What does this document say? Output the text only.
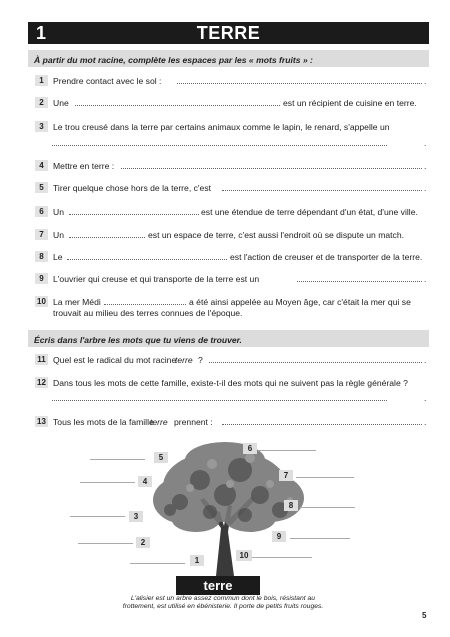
1	TERRE
À partir du mot racine, complète les espaces par les « mots fruits » :
1	Prendre contact avec le sol :	.
2	Une	est un récipient de cuisine en terre.
3	Le trou creusé dans la terre par certains animaux comme le lapin, le renard, s'appelle un
.
4	Mettre en terre :	.
5	Tirer quelque chose hors de la terre, c'est	.
6	Un	est une étendue de terre dépendant d'un état, d'une ville.
7	Un	est un espace de terre, c'est aussi l'endroit où se dispute un match.
8	Le	est l'action de creuser et de transporter de la terre.
9	L'ouvrier qui creuse et qui transporte de la terre est un	.
10 La mer Médi	a été ainsi appelée au Moyen âge, car c'était la mer qui se
trouvait au milieu des terres connues de l'époque.
Écris dans l'arbre les mots que tu viens de trouver.
11 Quel est le radical du mot racine
terre ?	.
12 Dans tous les mots de cette famille, existe-t-il des mots qui ne suivent pas la règle générale ?
.
13 Tous les mots de la famille
terre prennent :	.
5
6
7
4
8
3
9
2
10
1
terre
L'alisier est un arbre assez commun dont le bois, résistant au frottement, est utilisé en ébénisterie. Il porte de petits fruits rouges.
5
